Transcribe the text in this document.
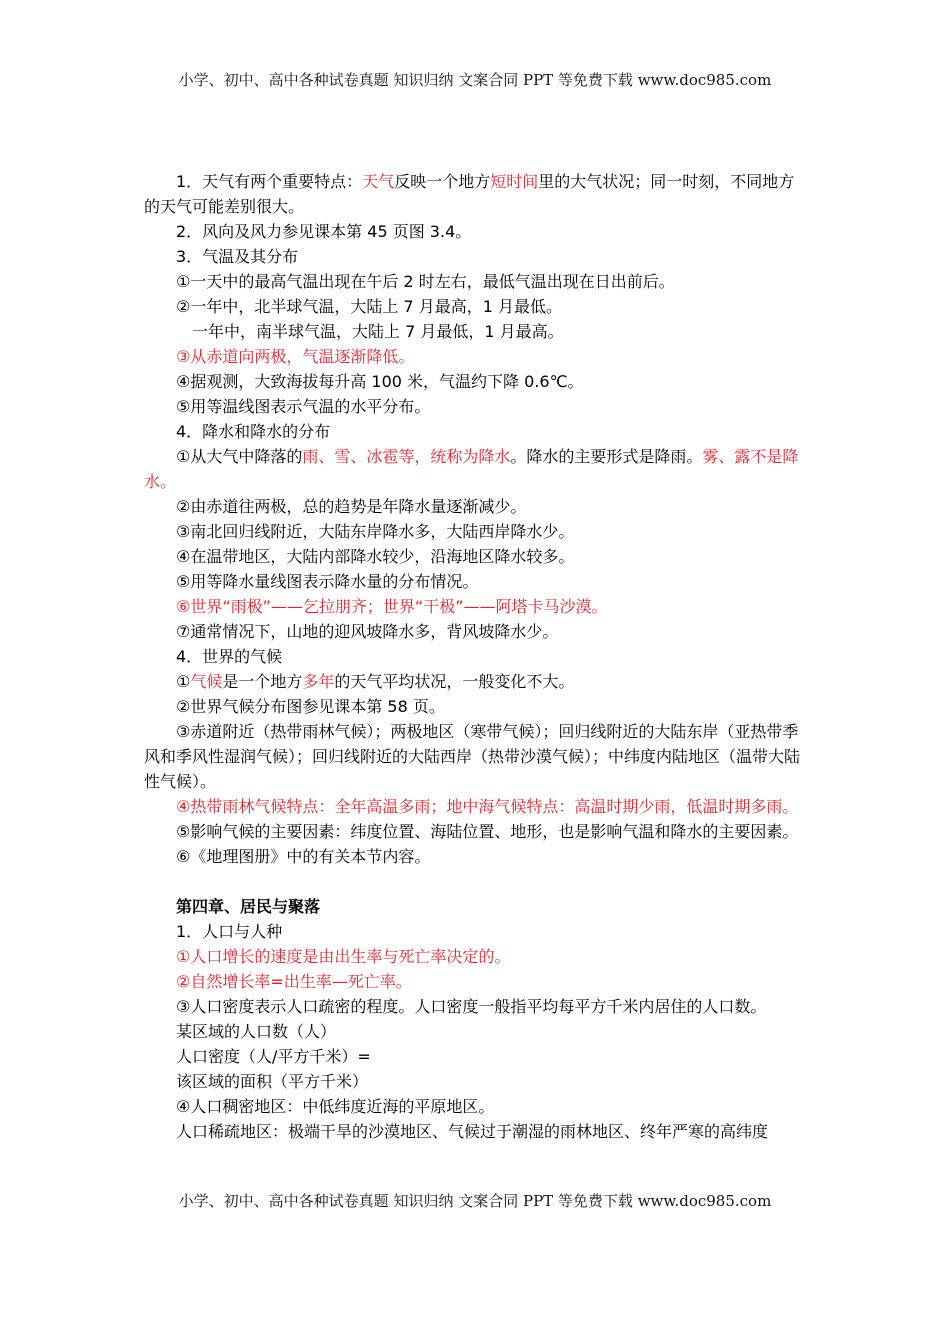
小学、初中、高中各种试卷真题 知识归纳 文案合同 PPT 等免费下载 www.doc985.com

1．天气有两个重要特点：天气反映一个地方短时间里的大气状况；同一时刻，不同地方的天气可能差别很大。

2．风向及风力参见课本第 45 页图 3.4。

3．气温及其分布

①一天中的最高气温出现在午后 2 时左右，最低气温出现在日出前后。

②一年中，北半球气温，大陆上 7 月最高，1 月最低。

一年中，南半球气温，大陆上 7 月最低，1 月最高。

③从赤道向两极，气温逐渐降低。

④据观测，大致海拔每升高 100 米，气温约下降 0.6℃。

⑤用等温线图表示气温的水平分布。

4．降水和降水的分布

①从大气中降落的雨、雪、冰雹等，统称为降水。降水的主要形式是降雨。雾、露不是降水。

②由赤道往两极，总的趋势是年降水量逐渐减少。

③南北回归线附近，大陆东岸降水多，大陆西岸降水少。

④在温带地区，大陆内部降水较少，沿海地区降水较多。

⑤用等降水量线图表示降水量的分布情况。

⑥世界“雨极”——乞拉朋齐；世界“干极”——阿塔卡马沙漠。

⑦通常情况下，山地的迎风坡降水多，背风坡降水少。

4．世界的气候

①气候是一个地方多年的天气平均状况，一般变化不大。

②世界气候分布图参见课本第 58 页。

③赤道附近（热带雨林气候）；两极地区（寒带气候）；回归线附近的大陆东岸（亚热带季风和季风性湿润气候）；回归线附近的大陆西岸（热带沙漠气候）；中纬度内陆地区（温带大陆性气候）。

④热带雨林气候特点：全年高温多雨；地中海气候特点：高温时期少雨，低温时期多雨。

⑤影响气候的主要因素：纬度位置、海陆位置、地形，也是影响气温和降水的主要因素。

⑥《地理图册》中的有关本节内容。

第四章、居民与聚落

1．人口与人种

①人口增长的速度是由出生率与死亡率决定的。

②自然增长率=出生率—死亡率。

③人口密度表示人口疏密的程度。人口密度一般指平均每平方千米内居住的人口数。

某区域的人口数（人）

人口密度（人/平方千米）=

该区域的面积（平方千米）

④人口稠密地区：中低纬度近海的平原地区。

人口稀疏地区：极端干旱的沙漠地区、气候过于潮湿的雨林地区、终年严寒的高纬度

小学、初中、高中各种试卷真题 知识归纳 文案合同 PPT 等免费下载 www.doc985.com
